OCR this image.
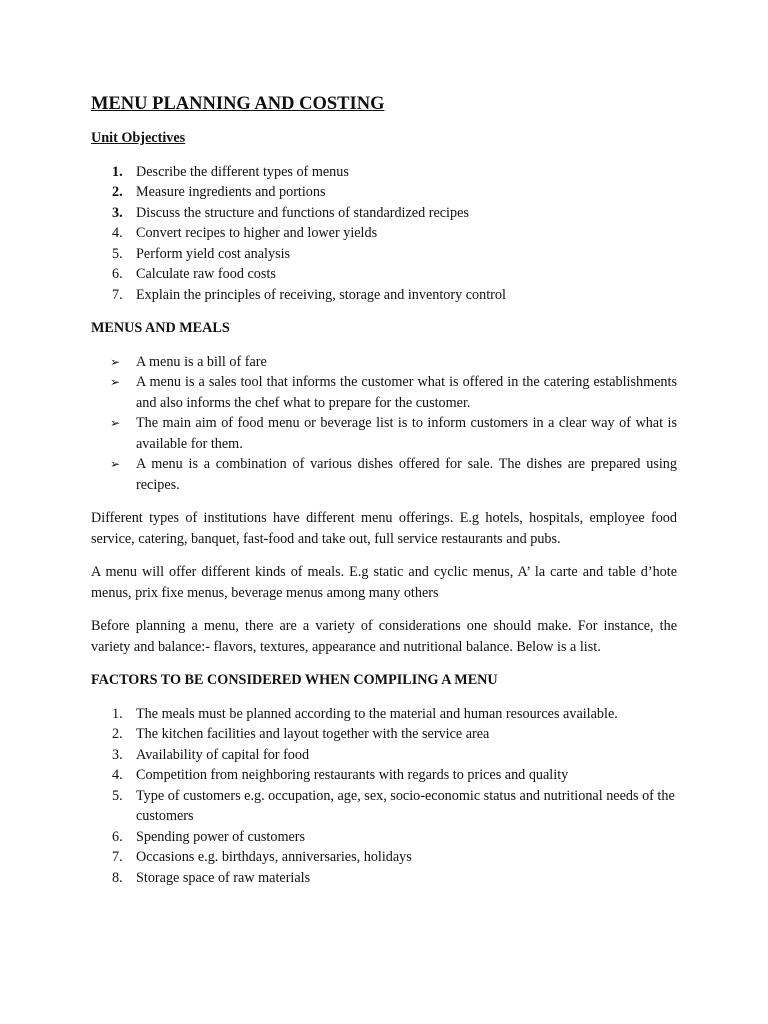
MENU PLANNING AND COSTING
Unit Objectives
1. Describe the different types of menus
2. Measure ingredients and portions
3. Discuss the structure and functions of standardized recipes
4. Convert recipes to higher and lower yields
5. Perform yield cost analysis
6. Calculate raw food costs
7. Explain the principles of receiving, storage and inventory control
MENUS AND MEALS
➢ A menu is a bill of fare
➢ A menu is a sales tool that informs the customer what is offered in the catering establishments and also informs the chef what to prepare for the customer.
➢ The main aim of food menu or beverage list is to inform customers in a clear way of what is available for them.
➢ A menu is a combination of various dishes offered for sale. The dishes are prepared using recipes.

Different types of institutions have different menu offerings. E.g hotels, hospitals, employee food service, catering, banquet, fast-food and take out, full service restaurants and pubs.

A menu will offer different kinds of meals. E.g static and cyclic menus, A’ la carte and table d’hote menus, prix fixe menus, beverage menus among many others

Before planning a menu, there are a variety of considerations one should make. For instance, the variety and balance:- flavors, textures, appearance and nutritional balance. Below is a list.

FACTORS TO BE CONSIDERED WHEN COMPILING A MENU
1. The meals must be planned according to the material and human resources available.
2. The kitchen facilities and layout together with the service area
3. Availability of capital for food
4. Competition from neighboring restaurants with regards to prices and quality
5. Type of customers e.g. occupation, age, sex, socio-economic status and nutritional needs of the customers
6. Spending power of customers
7. Occasions e.g. birthdays, anniversaries, holidays
8. Storage space of raw materials
